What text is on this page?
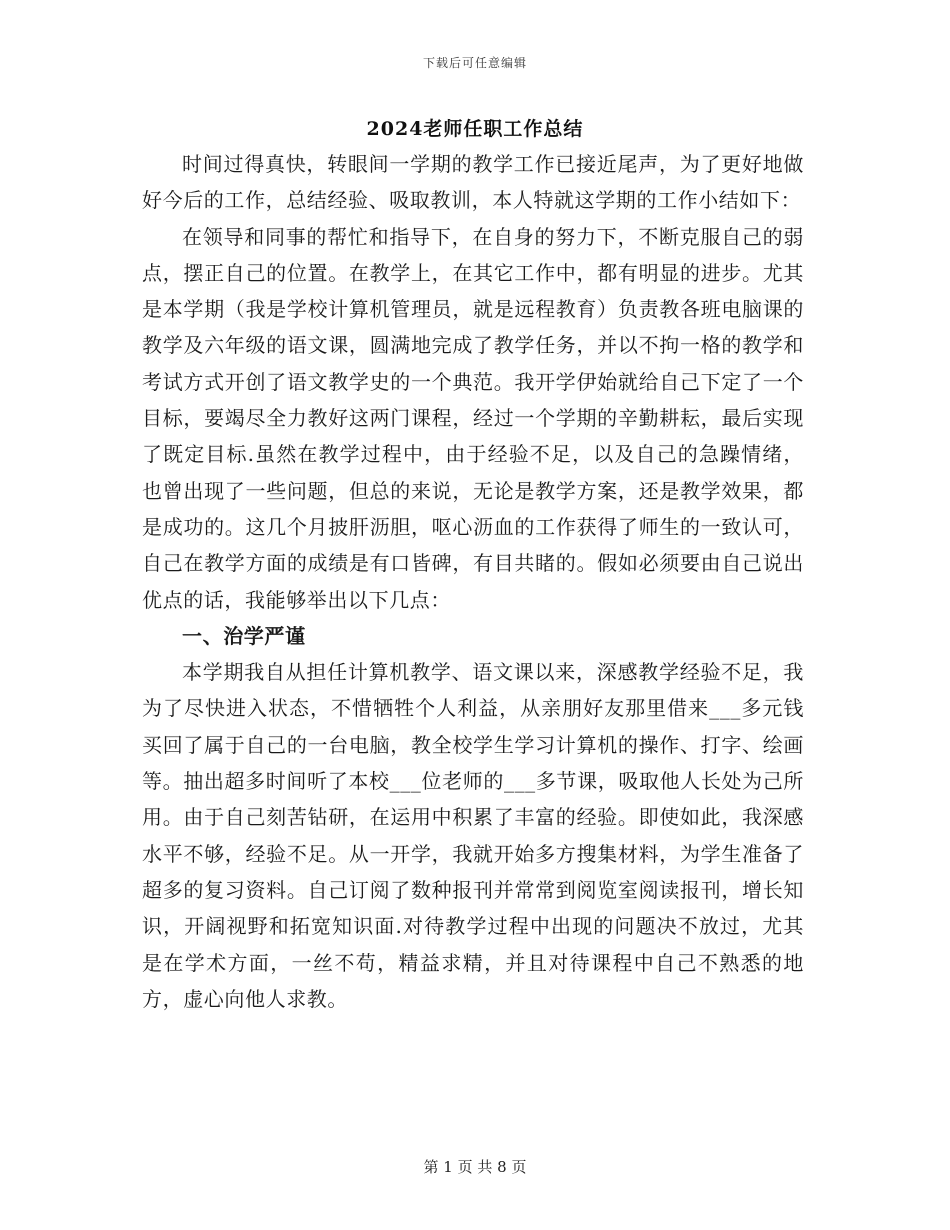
下载后可任意编辑
2024老师任职工作总结

时间过得真快，转眼间一学期的教学工作已接近尾声，为了更好地做好今后的工作，总结经验、吸取教训，本人特就这学期的工作小结如下：

在领导和同事的帮忙和指导下，在自身的努力下，不断克服自己的弱点，摆正自己的位置。在教学上，在其它工作中，都有明显的进步。尤其是本学期（我是学校计算机管理员，就是远程教育）负责教各班电脑课的教学及六年级的语文课，圆满地完成了教学任务，并以不拘一格的教学和考试方式开创了语文教学史的一个典范。我开学伊始就给自己下定了一个目标，要竭尽全力教好这两门课程，经过一个学期的辛勤耕耘，最后实现了既定目标.虽然在教学过程中，由于经验不足，以及自己的急躁情绪，也曾出现了一些问题，但总的来说，无论是教学方案，还是教学效果，都是成功的。这几个月披肝沥胆，呕心沥血的工作获得了师生的一致认可，自己在教学方面的成绩是有口皆碑，有目共睹的。假如必须要由自己说出优点的话，我能够举出以下几点：

一、治学严谨

本学期我自从担任计算机教学、语文课以来，深感教学经验不足，我为了尽快进入状态，不惜牺牲个人利益，从亲朋好友那里借来___多元钱买回了属于自己的一台电脑，教全校学生学习计算机的操作、打字、绘画等。抽出超多时间听了本校___位老师的___多节课，吸取他人长处为己所用。由于自己刻苦钻研，在运用中积累了丰富的经验。即使如此，我深感水平不够，经验不足。从一开学，我就开始多方搜集材料，为学生准备了超多的复习资料。自己订阅了数种报刊并常常到阅览室阅读报刊，增长知识，开阔视野和拓宽知识面.对待教学过程中出现的问题决不放过，尤其是在学术方面，一丝不苟，精益求精，并且对待课程中自己不熟悉的地方，虚心向他人求教。

第 1 页 共 8 页
